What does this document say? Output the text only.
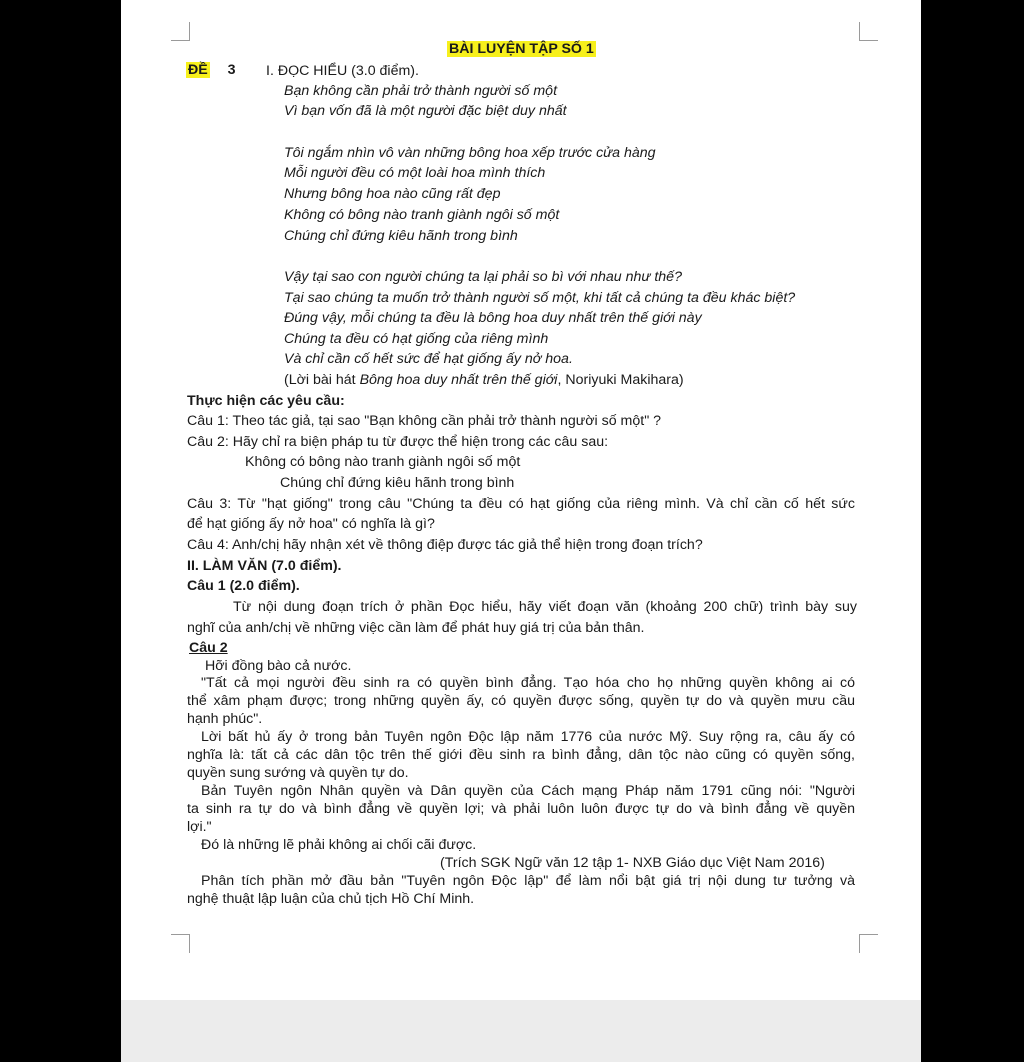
BÀI LUYỆN TẬP SỐ 1
ĐỀ 3 I. ĐỌC HIỂU (3.0 điểm).
Bạn không cần phải trở thành người số một
Vì bạn vốn đã là một người đặc biệt duy nhất
Tôi ngắm nhìn vô vàn những bông hoa xếp trước cửa hàng
Mỗi người đều có một loài hoa mình thích
Nhưng bông hoa nào cũng rất đẹp
Không có bông nào tranh giành ngôi số một
Chúng chỉ đứng kiêu hãnh trong bình
Vậy tại sao con người chúng ta lại phải so bì với nhau như thế?
Tại sao chúng ta muốn trở thành người số một, khi tất cả chúng ta đều khác biệt?
Đúng vậy, mỗi chúng ta đều là bông hoa duy nhất trên thế giới này
Chúng ta đều có hạt giống của riêng mình
Và chỉ cần cố hết sức để hạt giống ấy nở hoa.
(Lời bài hát Bông hoa duy nhất trên thế giới, Noriyuki Makihara)
Thực hiện các yêu cầu:
Câu 1: Theo tác giả, tại sao "Bạn không cần phải trở thành người số một" ?
Câu 2: Hãy chỉ ra biện pháp tu từ được thể hiện trong các câu sau:
Không có bông nào tranh giành ngôi số một
Chúng chỉ đứng kiêu hãnh trong bình
Câu 3: Từ "hạt giống" trong câu "Chúng ta đều có hạt giống của riêng mình. Và chỉ cần cố hết sức
để hạt giống ấy nở hoa" có nghĩa là gì?
Câu 4: Anh/chị hãy nhận xét về thông điệp được tác giả thể hiện trong đoạn trích?
II. LÀM VĂN (7.0 điểm).
Câu 1 (2.0 điểm).
Từ nội dung đoạn trích ở phần Đọc hiểu, hãy viết đoạn văn (khoảng 200 chữ) trình bày suy
nghĩ của anh/chị về những việc cần làm để phát huy giá trị của bản thân.
Câu 2
Hỡi đồng bào cả nước.
"Tất cả mọi người đều sinh ra có quyền bình đẳng. Tạo hóa cho họ những quyền không ai có
thể xâm phạm được; trong những quyền ấy, có quyền được sống, quyền tự do và quyền mưu cầu
hạnh phúc".
Lời bất hủ ấy ở trong bản Tuyên ngôn Độc lập năm 1776 của nước Mỹ. Suy rộng ra, câu ấy có
nghĩa là: tất cả các dân tộc trên thế giới đều sinh ra bình đẳng, dân tộc nào cũng có quyền sống,
quyền sung sướng và quyền tự do.
Bản Tuyên ngôn Nhân quyền và Dân quyền của Cách mạng Pháp năm 1791 cũng nói: "Người
ta sinh ra tự do và bình đẳng về quyền lợi; và phải luôn luôn được tự do và bình đẳng về quyền
lợi."
Đó là những lẽ phải không ai chối cãi được.
(Trích SGK Ngữ văn 12 tập 1- NXB Giáo dục Việt Nam 2016)
Phân tích phần mở đầu bản "Tuyên ngôn Độc lập" để làm nổi bật giá trị nội dung tư tưởng và
nghệ thuật lập luận của chủ tịch Hồ Chí Minh.
